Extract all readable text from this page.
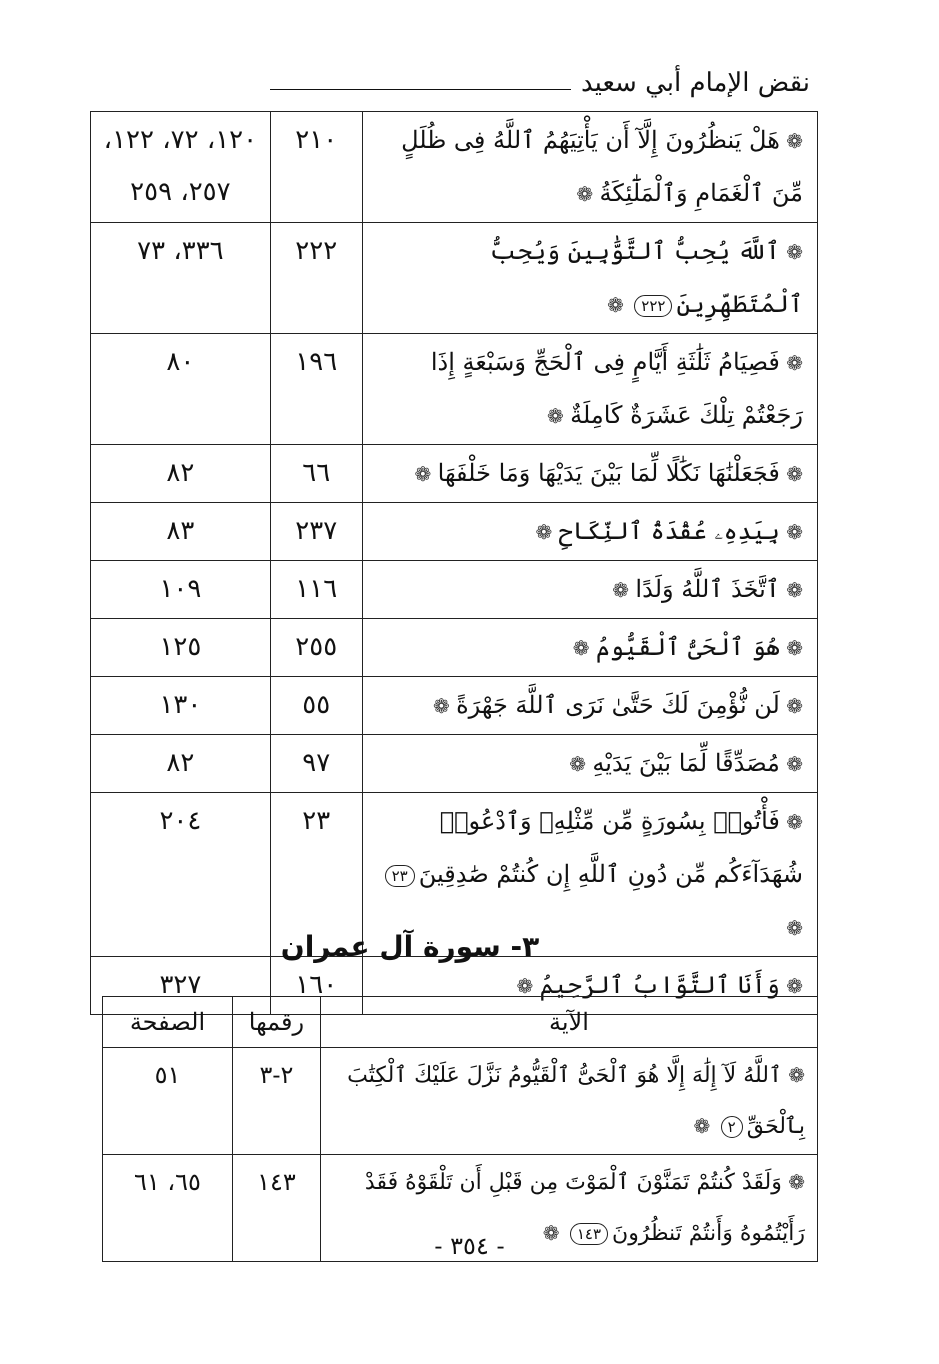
نقض الإمام أبي سعيد
❁ هَلْ يَنظُرُونَ إِلَّآ أَن يَأْتِيَهُمُ ٱللَّهُ فِى ظُلَلٍ مِّنَ ٱلْغَمَامِ وَٱلْمَلَٰٓئِكَةُ ❁	٢١٠	١٢٠، ٧٢، ١٢٢، ٢٥٧، ٢٥٩
❁ ٱللَّهَ يُحِبُّ ٱلتَّوَّٰبِينَ وَيُحِبُّ ٱلْمُتَطَهِّرِينَ٢٢٢ ❁	٢٢٢	٣٣٦، ٧٣
❁ فَصِيَامُ ثَلَٰثَةِ أَيَّامٍ فِى ٱلْحَجِّ وَسَبْعَةٍ إِذَا رَجَعْتُمْ تِلْكَ عَشَرَةٌ كَامِلَةٌ ❁	١٩٦	٨٠
❁ فَجَعَلْنَٰهَا نَكَٰلًا لِّمَا بَيْنَ يَدَيْهَا وَمَا خَلْفَهَا ❁	٦٦	٨٢
❁ بِيَدِهِۦ عُقْدَةُ ٱلنِّكَاحِ ❁	٢٣٧	٨٣
❁ ٱتَّخَذَ ٱللَّهُ وَلَدًا ❁	١١٦	١٠٩
❁ هُوَ ٱلْحَىُّ ٱلْقَيُّومُ ❁	٢٥٥	١٢٥
❁ لَن نُّؤْمِنَ لَكَ حَتَّىٰ نَرَى ٱللَّهَ جَهْرَةً ❁	٥٥	١٣٠
❁ مُصَدِّقًا لِّمَا بَيْنَ يَدَيْهِ ❁	٩٧	٨٢
❁ فَأْتُوا۟ بِسُورَةٍ مِّن مِّثْلِهِۦ وَٱدْعُوا۟ شُهَدَآءَكُم مِّن دُونِ ٱللَّهِ إِن كُنتُمْ صَٰدِقِينَ٢٣ ❁	٢٣	٢٠٤
❁ وَأَنَا ٱلتَّوَّابُ ٱلرَّحِيمُ ❁	١٦٠	٣٢٧
٣- سورة آل عمران
الآية	رقمها	الصفحة
❁ ٱللَّهُ لَآ إِلَٰهَ إِلَّا هُوَ ٱلْحَىُّ ٱلْقَيُّومُ نَزَّلَ عَلَيْكَ ٱلْكِتَٰبَ بِٱلْحَقِّ٢ ❁	٢-٣	٥١
❁ وَلَقَدْ كُنتُمْ تَمَنَّوْنَ ٱلْمَوْتَ مِن قَبْلِ أَن تَلْقَوْهُ فَقَدْ رَأَيْتُمُوهُ وَأَنتُمْ تَنظُرُونَ١٤٣ ❁	١٤٣	٦٥، ٦١
- ٣٥٤ -
